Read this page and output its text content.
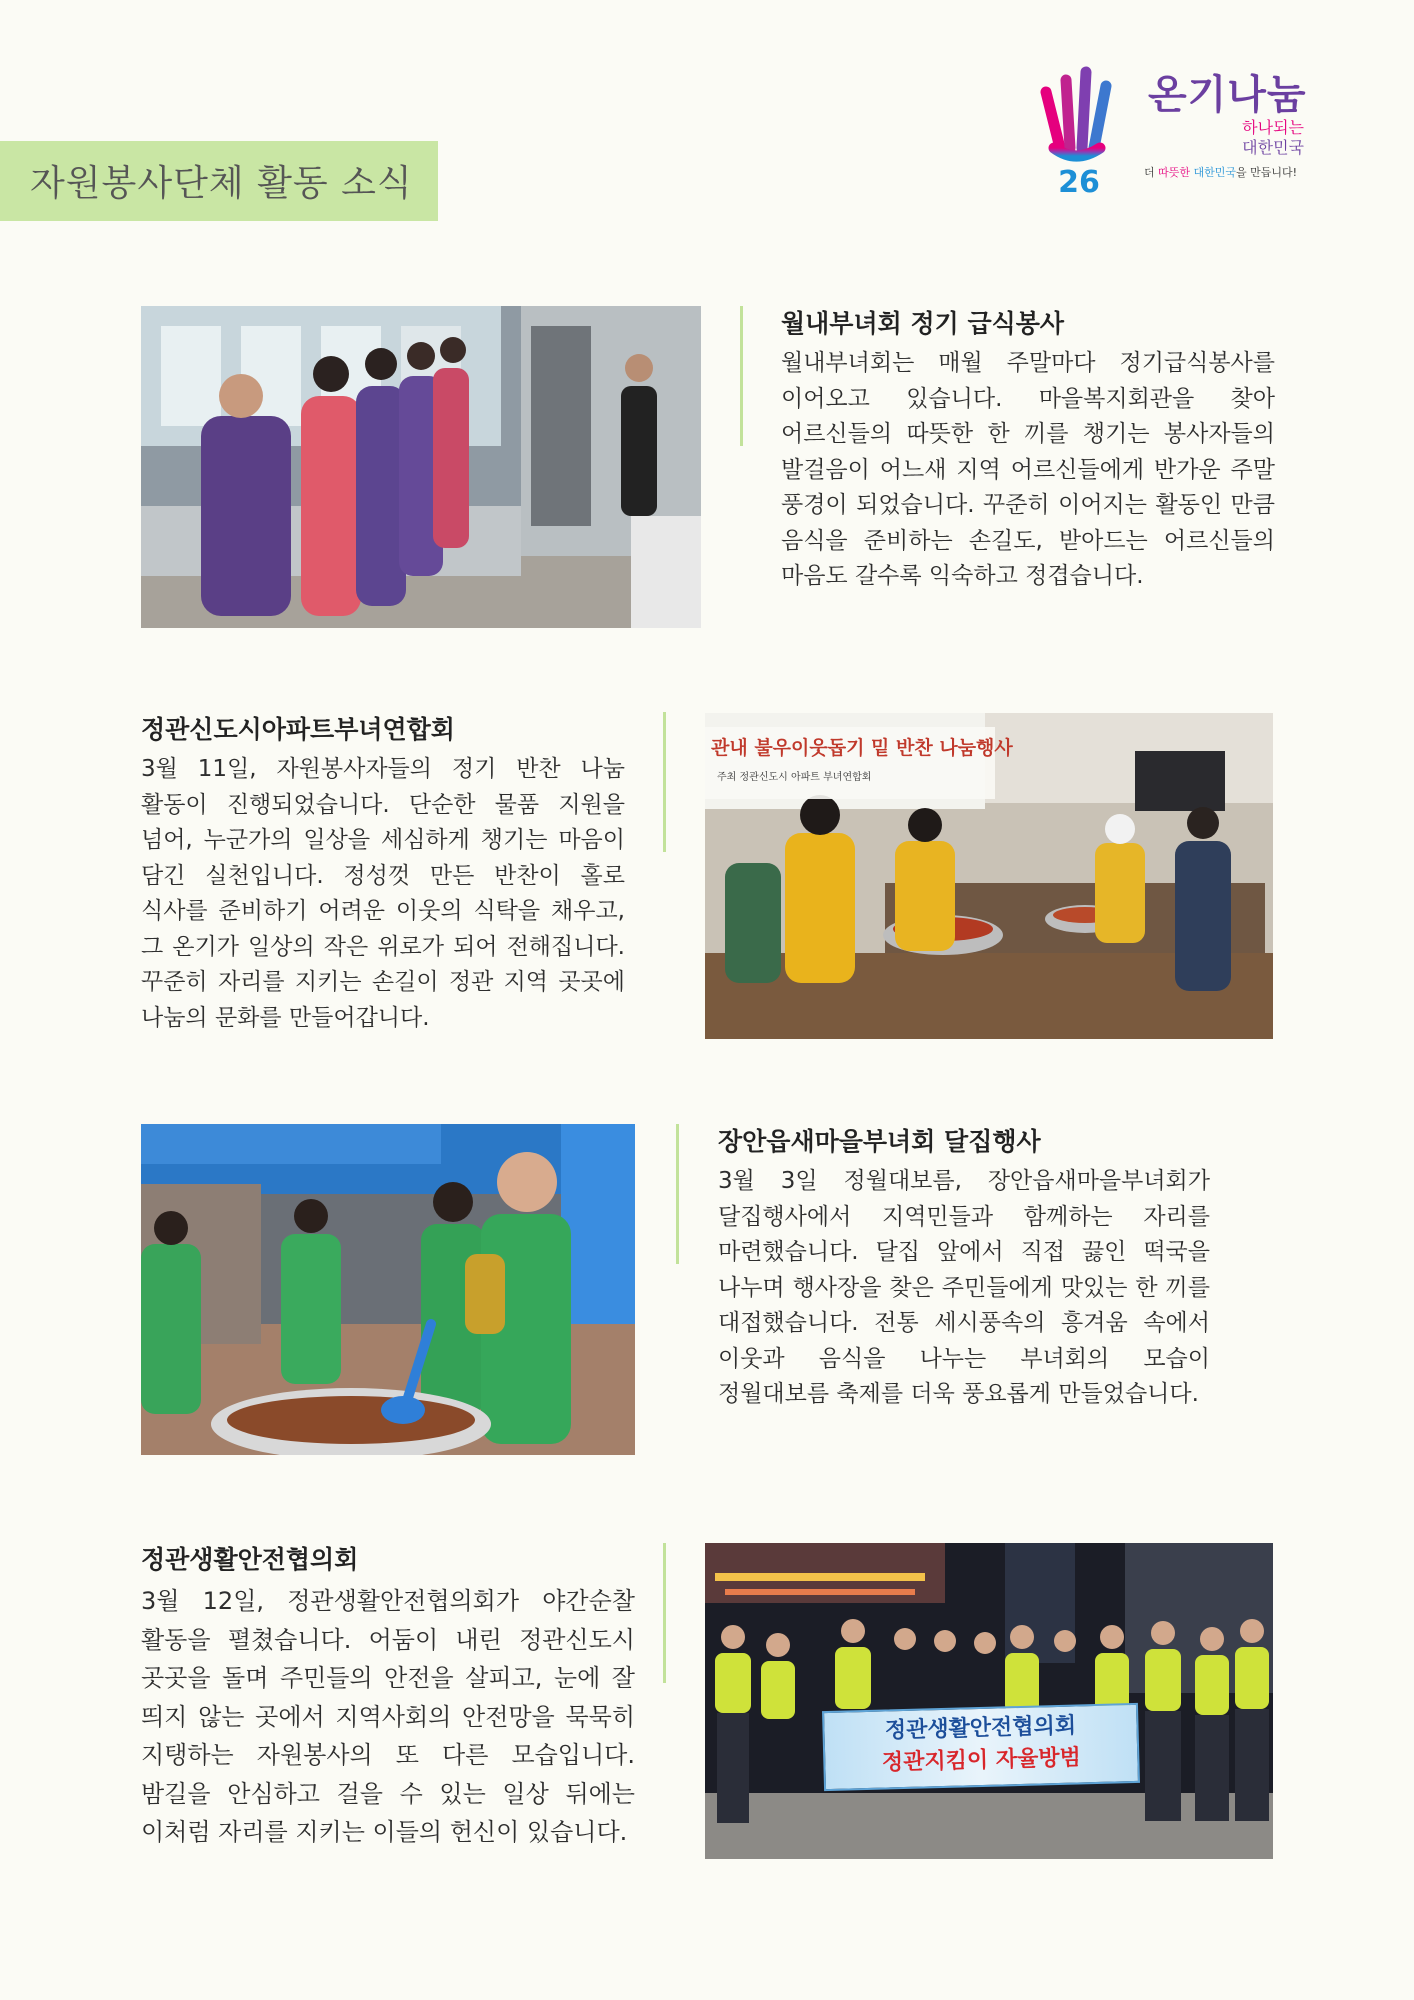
자원봉사단체 활동 소식	26
온기나눔
하나되는
대한민국
더 따뜻한 대한민국을 만듭니다!
월내부녀회 정기 급식봉사

월내부녀회는 매월 주말마다 정기급식봉사를 이어오고 있습니다. 마을복지회관을 찾아 어르신들의 따뜻한 한 끼를 챙기는 봉사자들의 발걸음이 어느새 지역 어르신들에게 반가운 주말 풍경이 되었습니다. 꾸준히 이어지는 활동인 만큼 음식을 준비하는 손길도, 받아드는 어르신들의 마음도 갈수록 익숙하고 정겹습니다.

정관신도시아파트부녀연합회

3월 11일, 자원봉사자들의 정기 반찬 나눔 활동이 진행되었습니다. 단순한 물품 지원을 넘어, 누군가의 일상을 세심하게 챙기는 마음이 담긴 실천입니다. 정성껏 만든 반찬이 홀로 식사를 준비하기 어려운 이웃의 식탁을 채우고, 그 온기가 일상의 작은 위로가 되어 전해집니다. 꾸준히 자리를 지키는 손길이 정관 지역 곳곳에 나눔의 문화를 만들어갑니다.

관내 불우이웃돕기 밑 반찬 나눔행사
주최 정관신도시 아파트 부녀연합회
장안읍새마을부녀회 달집행사

3월 3일 정월대보름, 장안읍새마을부녀회가 달집행사에서 지역민들과 함께하는 자리를 마련했습니다. 달집 앞에서 직접 끓인 떡국을 나누며 행사장을 찾은 주민들에게 맛있는 한 끼를 대접했습니다. 전통 세시풍속의 흥겨움 속에서 이웃과 음식을 나누는 부녀회의 모습이 정월대보름 축제를 더욱 풍요롭게 만들었습니다.

정관생활안전협의회

3월 12일, 정관생활안전협의회가 야간순찰 활동을 펼쳤습니다. 어둠이 내린 정관신도시 곳곳을 돌며 주민들의 안전을 살피고, 눈에 잘 띄지 않는 곳에서 지역사회의 안전망을 묵묵히 지탱하는 자원봉사의 또 다른 모습입니다. 밤길을 안심하고 걸을 수 있는 일상 뒤에는 이처럼 자리를 지키는 이들의 헌신이 있습니다.

정관생활안전협의회
정관지킴이 자율방범
